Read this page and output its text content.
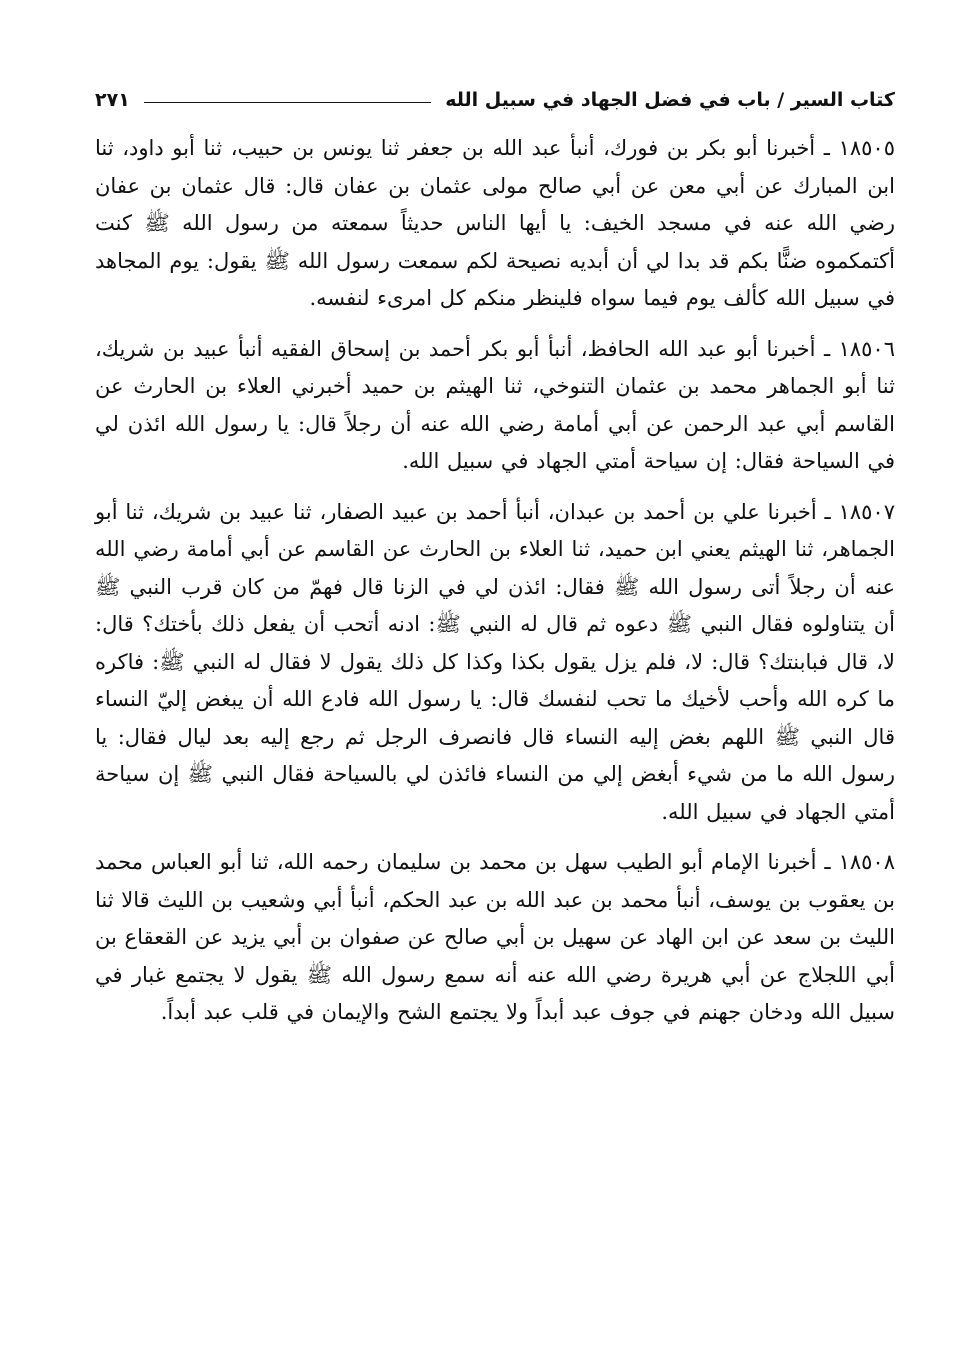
كتاب السير / باب في فضل الجهاد في سبيل الله
٢٧١

١٨٥٠٥ ـ أخبرنا أبو بكر بن فورك، أنبأ عبد الله بن جعفر ثنا يونس بن حبيب، ثنا أبو داود، ثنا ابن المبارك عن أبي معن عن أبي صالح مولى عثمان بن عفان قال: قال عثمان بن عفان رضي الله عنه في مسجد الخيف: يا أيها الناس حديثاً سمعته من رسول الله ﷺ كنت أكتمكموه ضنًّا بكم قد بدا لي أن أبديه نصيحة لكم سمعت رسول الله ﷺ يقول: يوم المجاهد في سبيل الله كألف يوم فيما سواه فلينظر منكم كل امرىء لنفسه.

١٨٥٠٦ ـ أخبرنا أبو عبد الله الحافظ، أنبأ أبو بكر أحمد بن إسحاق الفقيه أنبأ عبيد بن شريك، ثنا أبو الجماهر محمد بن عثمان التنوخي، ثنا الهيثم بن حميد أخبرني العلاء بن الحارث عن القاسم أبي عبد الرحمن عن أبي أمامة رضي الله عنه أن رجلاً قال: يا رسول الله ائذن لي في السياحة فقال: إن سياحة أمتي الجهاد في سبيل الله.

١٨٥٠٧ ـ أخبرنا علي بن أحمد بن عبدان، أنبأ أحمد بن عبيد الصفار، ثنا عبيد بن شريك، ثنا أبو الجماهر، ثنا الهيثم يعني ابن حميد، ثنا العلاء بن الحارث عن القاسم عن أبي أمامة رضي الله عنه أن رجلاً أتى رسول الله ﷺ فقال: ائذن لي في الزنا قال فهمّ من كان قرب النبي ﷺ أن يتناولوه فقال النبي ﷺ دعوه ثم قال له النبي ﷺ: ادنه أتحب أن يفعل ذلك بأختك؟ قال: لا، قال فبابنتك؟ قال: لا، فلم يزل يقول بكذا وكذا كل ذلك يقول لا فقال له النبي ﷺ: فاكره ما كره الله وأحب لأخيك ما تحب لنفسك قال: يا رسول الله فادع الله أن يبغض إليّ النساء قال النبي ﷺ اللهم بغض إليه النساء قال فانصرف الرجل ثم رجع إليه بعد ليال فقال: يا رسول الله ما من شيء أبغض إلي من النساء فائذن لي بالسياحة فقال النبي ﷺ إن سياحة أمتي الجهاد في سبيل الله.

١٨٥٠٨ ـ أخبرنا الإمام أبو الطيب سهل بن محمد بن سليمان رحمه الله، ثنا أبو العباس محمد بن يعقوب بن يوسف، أنبأ محمد بن عبد الله بن عبد الحكم، أنبأ أبي وشعيب بن الليث قالا ثنا الليث بن سعد عن ابن الهاد عن سهيل بن أبي صالح عن صفوان بن أبي يزيد عن القعقاع بن أبي اللجلاج عن أبي هريرة رضي الله عنه أنه سمع رسول الله ﷺ يقول لا يجتمع غبار في سبيل الله ودخان جهنم في جوف عبد أبداً ولا يجتمع الشح والإيمان في قلب عبد أبداً.
